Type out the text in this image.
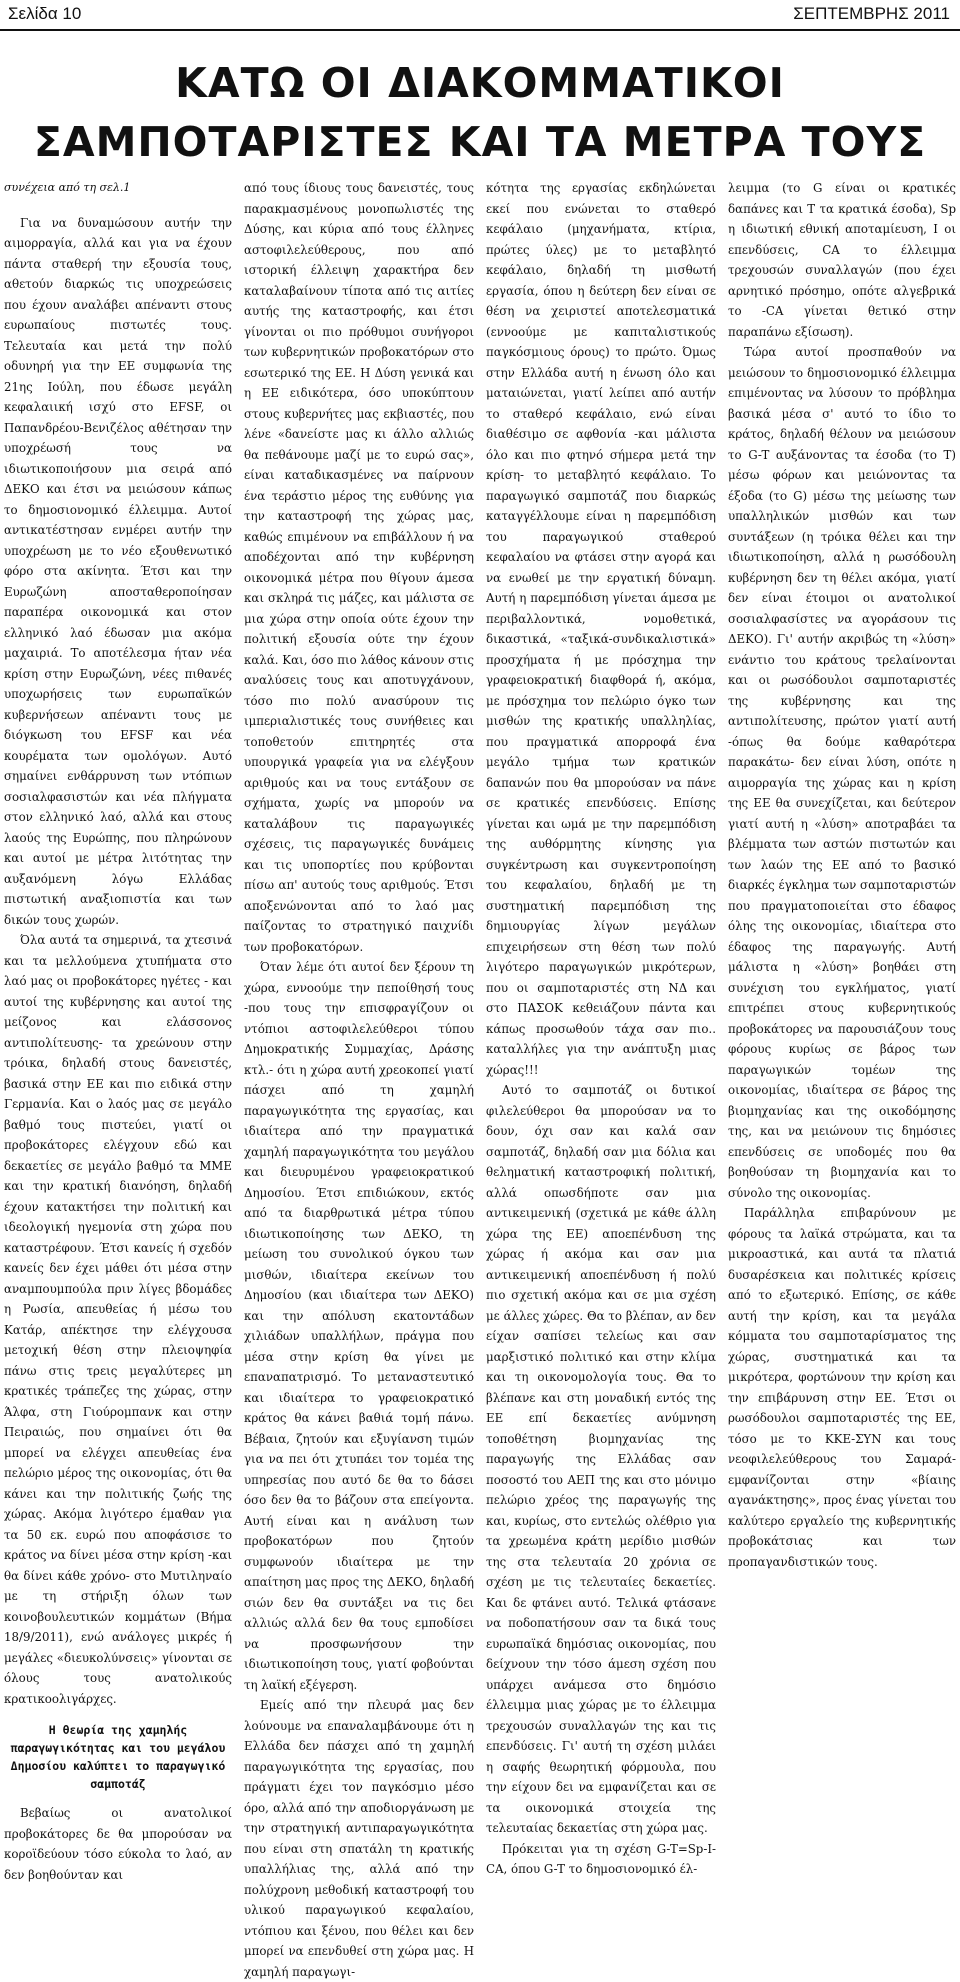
Σελίδα 10	ΣΕΠΤΕΜΒΡΗΣ 2011
ΚΑΤΩ ΟΙ ΔΙΑΚΟΜΜΑΤΙΚΟΙ
ΣΑΜΠΟΤΑΡΙΣΤΕΣ ΚΑΙ ΤΑ ΜΕΤΡΑ ΤΟΥΣ

συνέχεια από τη σελ.1

Για να δυναμώσουν αυτήν την αιμορραγία, αλλά και για να έχουν πάντα σταθερή την εξουσία τους, αθετούν διαρκώς τις υποχρεώσεις που έχουν αναλάβει απέναντι στους ευρωπαίους πιστωτές τους. Τελευταία και μετά την πολύ οδυνηρή για την ΕΕ συμφωνία της 21ης Ιούλη, που έδωσε μεγάλη κεφαλαιική ισχύ στο EFSF, οι Παπανδρέου-Βενιζέλος αθέτησαν την υποχρέωσή τους να ιδιωτικοποιήσουν μια σειρά από ΔΕΚΟ και έτσι να μειώσουν κάπως το δημοσιονομικό έλλειμμα. Αυτοί αντικατέστησαν ενμέρει αυτήν την υποχρέωση με το νέο εξουθενωτικό φόρο στα ακίνητα. Έτσι και την Ευρωζώνη αποσταθεροποίησαν παραπέρα οικονομικά και στον ελληνικό λαό έδωσαν μια ακόμα μαχαιριά. Το αποτέλεσμα ήταν νέα κρίση στην Ευρωζώνη, νέες πιθανές υποχωρήσεις των ευρωπαϊκών κυβερνήσεων απέναντι τους με διόγκωση του EFSF και νέα κουρέματα των ομολόγων. Αυτό σημαίνει ενθάρρυνση των ντόπιων σοσιαλφασιστών και νέα πλήγματα στον ελληνικό λαό, αλλά και στους λαούς της Ευρώπης, που πληρώνουν και αυτοί με μέτρα λιτότητας την αυξανόμενη λόγω Ελλάδας πιστωτική αναξιοπιστία και των δικών τους χωρών.

Όλα αυτά τα σημερινά, τα χτεσινά και τα μελλούμενα χτυπήματα στο λαό μας οι προβοκάτορες ηγέτες - και αυτοί της κυβέρνησης και αυτοί της μείζονος και ελάσσονος αντιπολίτευσης- τα χρεώνουν στην τρόικα, δηλαδή στους δανειστές, βασικά στην ΕΕ και πιο ειδικά στην Γερμανία. Και ο λαός μας σε μεγάλο βαθμό τους πιστεύει, γιατί οι προβοκάτορες ελέγχουν εδώ και δεκαετίες σε μεγάλο βαθμό τα ΜΜΕ και την κρατική διανόηση, δηλαδή έχουν κατακτήσει την πολιτική και ιδεολογική ηγεμονία στη χώρα που καταστρέφουν. Έτσι κανείς ή σχεδόν κανείς δεν έχει μάθει ότι μέσα στην αναμπουμπούλα πριν λίγες βδομάδες η Ρωσία, απευθείας ή μέσω του Κατάρ, απέκτησε την ελέγχουσα μετοχική θέση στην πλειοψηφία πάνω στις τρεις μεγαλύτερες μη κρατικές τράπεζες της χώρας, στην Άλφα, στη Γιούρομπανκ και στην Πειραιώς, που σημαίνει ότι θα μπορεί να ελέγχει απευθείας ένα πελώριο μέρος της οικονομίας, ότι θα κάνει και την πολιτικής ζωής της χώρας. Ακόμα λιγότερο έμαθαν για τα 50 εκ. ευρώ που αποφάσισε το κράτος να δίνει μέσα στην κρίση -και θα δίνει κάθε χρόνο- στο Μυτιληναίο με τη στήριξη όλων των κοινοβουλευτικών κομμάτων (Βήμα 18/9/2011), ενώ ανάλογες μικρές ή μεγάλες «διευκολύνσεις» γίνονται σε όλους τους ανατολικούς κρατικοολιγάρχες.

Η θεωρία της χαμηλής παραγωγικότητας και του μεγάλου Δημοσίου καλύπτει το παραγωγικό σαμποτάζ

Βεβαίως οι ανατολικοί προβοκάτορες δε θα μπορούσαν να κοροϊδεύουν τόσο εύκολα το λαό, αν δεν βοηθούνταν και

από τους ίδιους τους δανειστές, τους παρακμασμένους μονοπωλιστές της Δύσης, και κύρια από τους έλληνες αστοφιλελεύθερους, που από ιστορική έλλειψη χαρακτήρα δεν καταλαβαίνουν τίποτα από τις αιτίες αυτής της καταστροφής, και έτσι γίνονται οι πιο πρόθυμοι συνήγοροι των κυβερνητικών προβοκατόρων στο εσωτερικό της ΕΕ. Η Δύση γενικά και η ΕΕ ειδικότερα, όσο υποκύπτουν στους κυβερνήτες μας εκβιαστές, που λένε «δανείστε μας κι άλλο αλλιώς θα πεθάνουμε μαζί με το ευρώ σας», είναι καταδικασμένες να παίρνουν ένα τεράστιο μέρος της ευθύνης για την καταστροφή της χώρας μας, καθώς επιμένουν να επιβάλλουν ή να αποδέχονται από την κυβέρνηση οικονομικά μέτρα που θίγουν άμεσα και σκληρά τις μάζες, και μάλιστα σε μια χώρα στην οποία ούτε έχουν την πολιτική εξουσία ούτε την έχουν καλά. Και, όσο πιο λάθος κάνουν στις αναλύσεις τους και αποτυγχάνουν, τόσο πιο πολύ ανασύρουν τις ιμπεριαλιστικές τους συνήθειες και τοποθετούν επιτηρητές στα υπουργικά γραφεία για να ελέγξουν αριθμούς και να τους εντάξουν σε σχήματα, χωρίς να μπορούν να καταλάβουν τις παραγωγικές σχέσεις, τις παραγωγικές δυνάμεις και τις υποπορτίες που κρύβονται πίσω απ' αυτούς τους αριθμούς. Έτσι αποξενώνονται από το λαό μας παίζοντας το στρατηγικό παιχνίδι των προβοκατόρων.

Όταν λέμε ότι αυτοί δεν ξέρουν τη χώρα, εννοούμε την πεποίθησή τους -που τους την επισφραγίζουν οι ντόπιοι αστοφιλελεύθεροι τύπου Δημοκρατικής Συμμαχίας, Δράσης κτλ.- ότι η χώρα αυτή χρεοκοπεί γιατί πάσχει από τη χαμηλή παραγωγικότητα της εργασίας, και ιδιαίτερα από την πραγματικά χαμηλή παραγωγικότητα του μεγάλου και διευρυμένου γραφειοκρατικού Δημοσίου. Έτσι επιδιώκουν, εκτός από τα διαρθρωτικά μέτρα τύπου ιδιωτικοποίησης των ΔΕΚΟ, τη μείωση του συνολικού όγκου των μισθών, ιδιαίτερα εκείνων του Δημοσίου (και ιδιαίτερα των ΔΕΚΟ) και την απόλυση εκατοντάδων χιλιάδων υπαλλήλων, πράγμα που μέσα στην κρίση θα γίνει με επαναπατρισμό. Το μεταναστευτικό και ιδιαίτερα το γραφειοκρατικό κράτος θα κάνει βαθιά τομή πάνω. Βέβαια, ζητούν και εξυγίανση τιμών για να πει ότι χτυπάει τον τομέα της υπηρεσίας που αυτό δε θα το δάσει όσο δεν θα το βάζουν στα επείγοντα. Αυτή είναι και η ανάλυση των προβοκατόρων που ζητούν συμφωνούν ιδιαίτερα με την απαίτηση μας προς της ΔΕΚΟ, δηλαδή σιών δεν θα συντάξει να τις δει αλλιώς αλλά δεν θα τους εμποδίσει να προσφωνήσουν την ιδιωτικοποίηση τους, γιατί φοβούνται τη λαϊκή εξέγερση.

Εμείς από την πλευρά μας δεν λούνουμε να επαναλαμβάνουμε ότι η Ελλάδα δεν πάσχει από τη χαμηλή παραγωγικότητα της εργασίας, που πράγματι έχει τον παγκόσμιο μέσο όρο, αλλά από την αποδιοργάνωση με την στρατηγική αντιπαραγωγικότητα που είναι στη σπατάλη τη κρατικής υπαλλήλιας της, αλλά από την πολύχρονη μεθοδική καταστροφή του υλικού παραγωγικού κεφαλαίου, ντόπιου και ξένου, που θέλει και δεν μπορεί να επενδυθεί στη χώρα μας. Η χαμηλή παραγωγι-

κότητα της εργασίας εκδηλώνεται εκεί που ενώνεται το σταθερό κεφάλαιο (μηχανήματα, κτίρια, πρώτες ύλες) με το μεταβλητό κεφάλαιο, δηλαδή τη μισθωτή εργασία, όπου η δεύτερη δεν είναι σε θέση να χειριστεί αποτελεσματικά (εννοούμε με καπιταλιστικούς παγκόσμιους όρους) το πρώτο. Όμως στην Ελλάδα αυτή η ένωση όλο και ματαιώνεται, γιατί λείπει από αυτήν το σταθερό κεφάλαιο, ενώ είναι διαθέσιμο σε αφθονία -και μάλιστα όλο και πιο φτηνό σήμερα μετά την κρίση- το μεταβλητό κεφάλαιο. Το παραγωγικό σαμποτάζ που διαρκώς καταγγέλλουμε είναι η παρεμπόδιση του παραγωγικού σταθερού κεφαλαίου να φτάσει στην αγορά και να ενωθεί με την εργατική δύναμη. Αυτή η παρεμπόδιση γίνεται άμεσα με περιβαλλοντικά, νομοθετικά, δικαστικά, «ταξικά-συνδικαλιστικά» προσχήματα ή με πρόσχημα την γραφειοκρατική διαφθορά ή, ακόμα, με πρόσχημα τον πελώριο όγκο των μισθών της κρατικής υπαλληλίας, που πραγματικά απορροφά ένα μεγάλο τμήμα των κρατικών δαπανών που θα μπορούσαν να πάνε σε κρατικές επενδύσεις. Επίσης γίνεται και ωμά με την παρεμπόδιση της αυθόρμητης κίνησης για συγκέντρωση και συγκεντροποίηση του κεφαλαίου, δηλαδή με τη συστηματική παρεμπόδιση της δημιουργίας λίγων μεγάλων επιχειρήσεων στη θέση των πολύ λιγότερο παραγωγικών μικρότερων, που οι σαμποταριστές στη ΝΔ και στο ΠΑΣΟΚ κεθειάζουν πάντα και κάπως προσωθούν τάχα σαν πιο.. καταλλήλες για την ανάπτυξη μιας χώρας!!!

Αυτό το σαμποτάζ οι δυτικοί φιλελεύθεροι θα μπορούσαν να το δουν, όχι σαν και καλά σαν σαμποτάζ, δηλαδή σαν μια δόλια και θεληματική καταστροφική πολιτική, αλλά οπωσδήποτε σαν μια αντικειμενική (σχετικά με κάθε άλλη χώρα της ΕΕ) αποεπένδυση της χώρας ή ακόμα και σαν μια αντικειμενική αποεπένδυση ή πολύ πιο σχετική ακόμα και σε μια σχέση με άλλες χώρες. Θα το βλέπαν, αν δεν είχαν σαπίσει τελείως και σαν μαρξιστικό πολιτικό και στην κλίμα και τη οικονομολογία τους. Θα το βλέπανε και στη μοναδική εντός της ΕΕ επί δεκαετίες ανύμνηση τοποθέτηση βιομηχανίας της παραγωγής της Ελλάδας σαν ποσοστό του ΑΕΠ της και στο μόνιμο πελώριο χρέος της παραγωγής της και, κυρίως, στο εντελώς ολέθριο για τα χρεωμένα κράτη μερίδιο μισθών της στα τελευταία 20 χρόνια σε σχέση με τις τελευταίες δεκαετίες. Και δε φτάνει αυτό. Τελικά φτάσανε να ποδοπατήσουν σαν τα δικά τους ευρωπαϊκά δημόσιας οικονομίας, που δείχνουν την τόσο άμεση σχέση που υπάρχει ανάμεσα στο δημόσιο έλλειμμα μιας χώρας με το έλλειμμα τρεχουσών συναλλαγών της και τις επενδύσεις. Γι' αυτή τη σχέση μιλάει η σαφής θεωρητική φόρμουλα, που την είχουν δει να εμφανίζεται και σε τα οικονομικά στοιχεία της τελευταίας δεκαετίας στη χώρα μας.

Πρόκειται για τη σχέση G-T=Sp-I-CA, όπου G-T το δημοσιονομικό έλ-

λειμμα (το G είναι οι κρατικές δαπάνες και T τα κρατικά έσοδα), Sp η ιδιωτική εθνική αποταμίευση, I οι επενδύσεις, CA το έλλειμμα τρεχουσών συναλλαγών (που έχει αρνητικό πρόσημο, οπότε αλγεβρικά το -CA γίνεται θετικό στην παραπάνω εξίσωση).

Τώρα αυτοί προσπαθούν να μειώσουν το δημοσιονομικό έλλειμμα επιμένοντας να λύσουν το πρόβλημα βασικά μέσα σ' αυτό το ίδιο το κράτος, δηλαδή θέλουν να μειώσουν το G-T αυξάνοντας τα έσοδα (το T) μέσω φόρων και μειώνοντας τα έξοδα (το G) μέσω της μείωσης των υπαλληλικών μισθών και των συντάξεων (η τρόικα θέλει και την ιδιωτικοποίηση, αλλά η ρωσόδουλη κυβέρνηση δεν τη θέλει ακόμα, γιατί δεν είναι έτοιμοι οι ανατολικοί σοσιαλφασίστες να αγοράσουν τις ΔΕΚΟ). Γι' αυτήν ακριβώς τη «λύση» ενάντιο του κράτους τρελαίνονται και οι ρωσόδουλοι σαμποταριστές της κυβέρνησης και της αντιπολίτευσης, πρώτον γιατί αυτή -όπως θα δούμε καθαρότερα παρακάτω- δεν είναι λύση, οπότε η αιμορραγία της χώρας και η κρίση της ΕΕ θα συνεχίζεται, και δεύτερον γιατί αυτή η «λύση» αποτραβάει τα βλέμματα των αστών πιστωτών και των λαών της ΕΕ από το βασικό διαρκές έγκλημα των σαμποταριστών που πραγματοποιείται στο έδαφος όλης της οικονομίας, ιδιαίτερα στο έδαφος της παραγωγής. Αυτή μάλιστα η «λύση» βοηθάει στη συνέχιση του εγκλήματος, γιατί επιτρέπει στους κυβερνητικούς προβοκάτορες να παρουσιάζουν τους φόρους κυρίως σε βάρος των παραγωγικών τομέων της οικονομίας, ιδιαίτερα σε βάρος της βιομηχανίας και της οικοδόμησης της, και να μειώνουν τις δημόσιες επενδύσεις σε υποδομές που θα βοηθούσαν τη βιομηχανία και το σύνολο της οικονομίας.

Παράλληλα επιβαρύνουν με φόρους τα λαϊκά στρώματα, και τα μικροαστικά, και αυτά τα πλατιά δυσαρέσκεια και πολιτικές κρίσεις από το εξωτερικό. Επίσης, σε κάθε αυτή την κρίση, και τα μεγάλα κόμματα του σαμποταρίσματος της χώρας, συστηματικά και τα μικρότερα, φορτώνουν την κρίση και την επιβάρυνση στην ΕΕ. Έτσι οι ρωσόδουλοι σαμποταριστές της ΕΕ, τόσο με το ΚΚΕ-ΣΥΝ και τους νεοφιλελεύθερους του Σαμαρά-εμφανίζονται στην «βίαιης αγανάκτησης», προς ένας γίνεται του καλύτερο εργαλείο της κυβερνητικής προβοκάτσιας και των προπαγανδιστικών τους.
